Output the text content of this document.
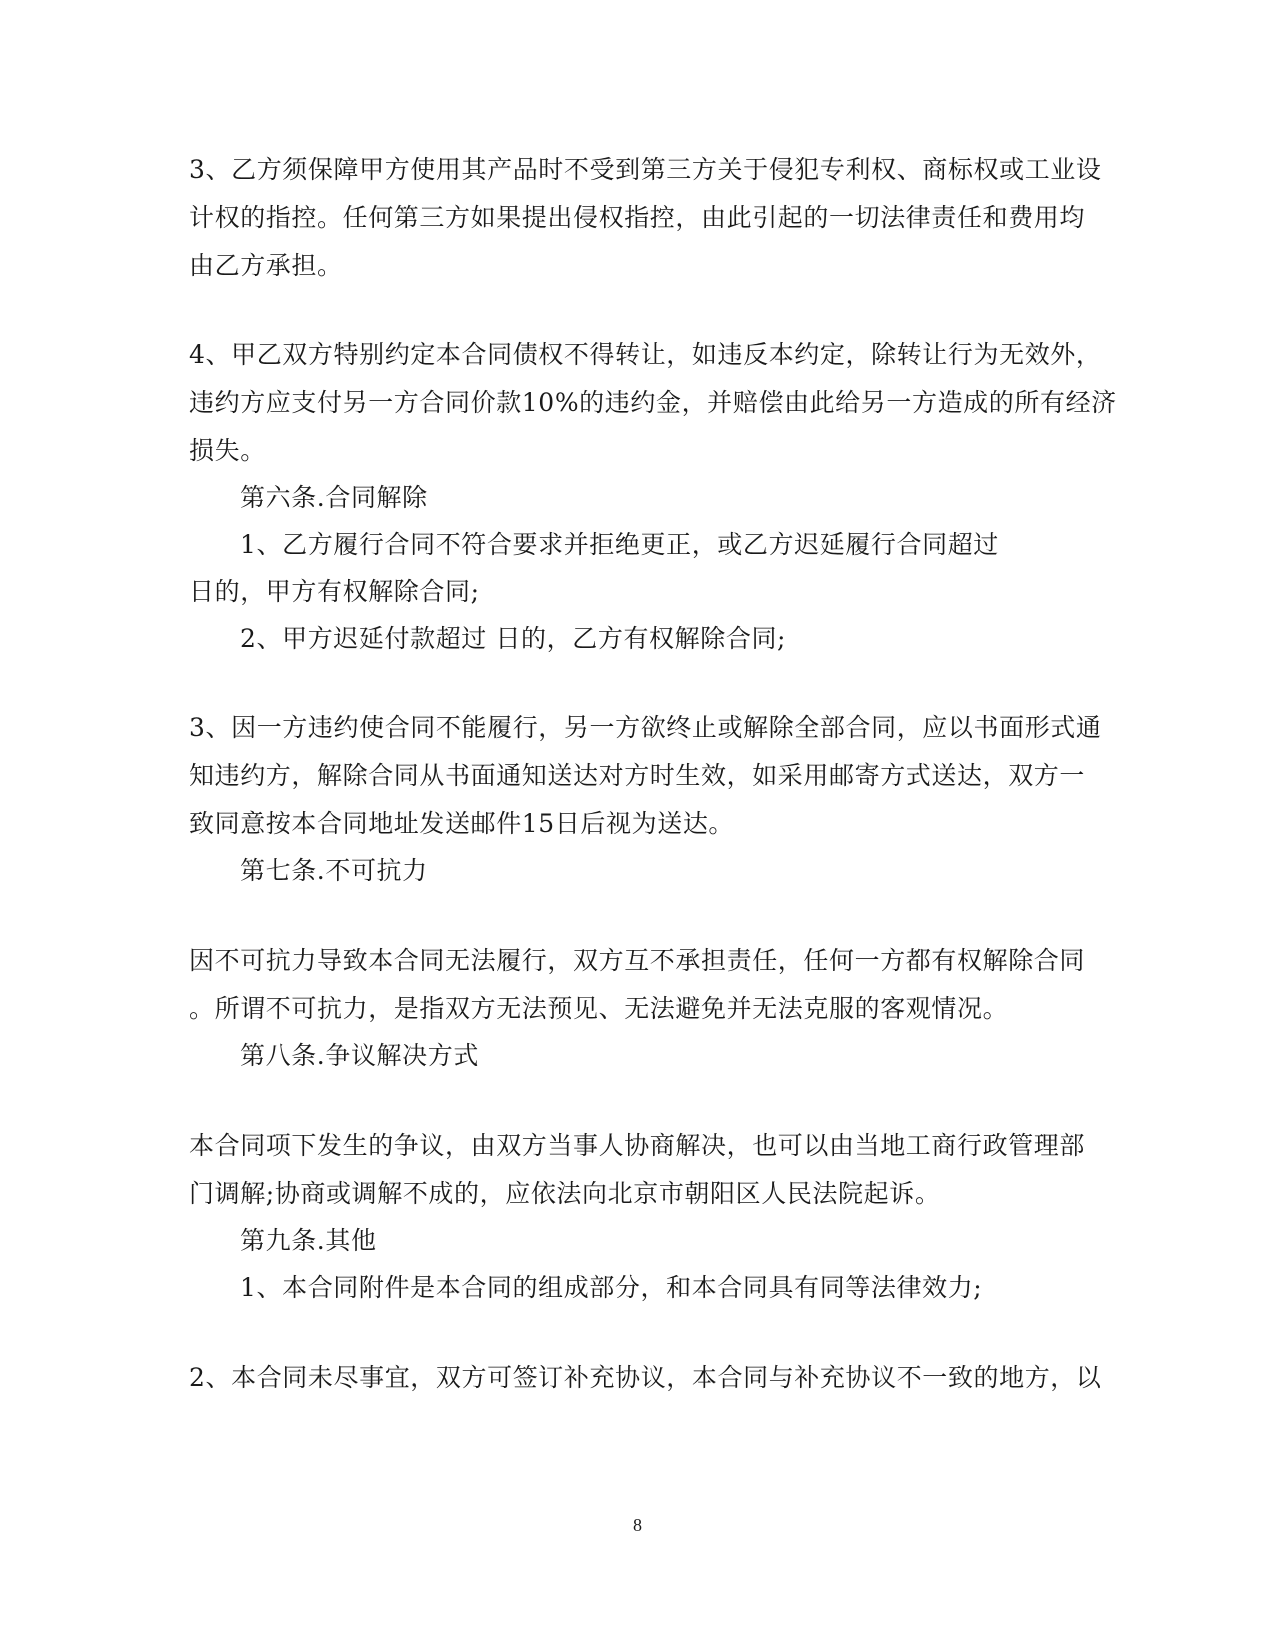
3、乙方须保障甲方使用其产品时不受到第三方关于侵犯专利权、商标权或工业设
计权的指控。任何第三方如果提出侵权指控，由此引起的一切法律责任和费用均
由乙方承担。
4、甲乙双方特别约定本合同债权不得转让，如违反本约定，除转让行为无效外，
违约方应支付另一方合同价款10%的违约金，并赔偿由此给另一方造成的所有经济
损失。
第六条.合同解除
1、乙方履行合同不符合要求并拒绝更正，或乙方迟延履行合同超过
日的，甲方有权解除合同;
2、甲方迟延付款超过 日的，乙方有权解除合同;
3、因一方违约使合同不能履行，另一方欲终止或解除全部合同，应以书面形式通
知违约方，解除合同从书面通知送达对方时生效，如采用邮寄方式送达，双方一
致同意按本合同地址发送邮件15日后视为送达。
第七条.不可抗力
因不可抗力导致本合同无法履行，双方互不承担责任，任何一方都有权解除合同
。所谓不可抗力，是指双方无法预见、无法避免并无法克服的客观情况。
第八条.争议解决方式
本合同项下发生的争议，由双方当事人协商解决，也可以由当地工商行政管理部
门调解;协商或调解不成的，应依法向北京市朝阳区人民法院起诉。
第九条.其他
1、本合同附件是本合同的组成部分，和本合同具有同等法律效力;
2、本合同未尽事宜，双方可签订补充协议，本合同与补充协议不一致的地方，以
8
